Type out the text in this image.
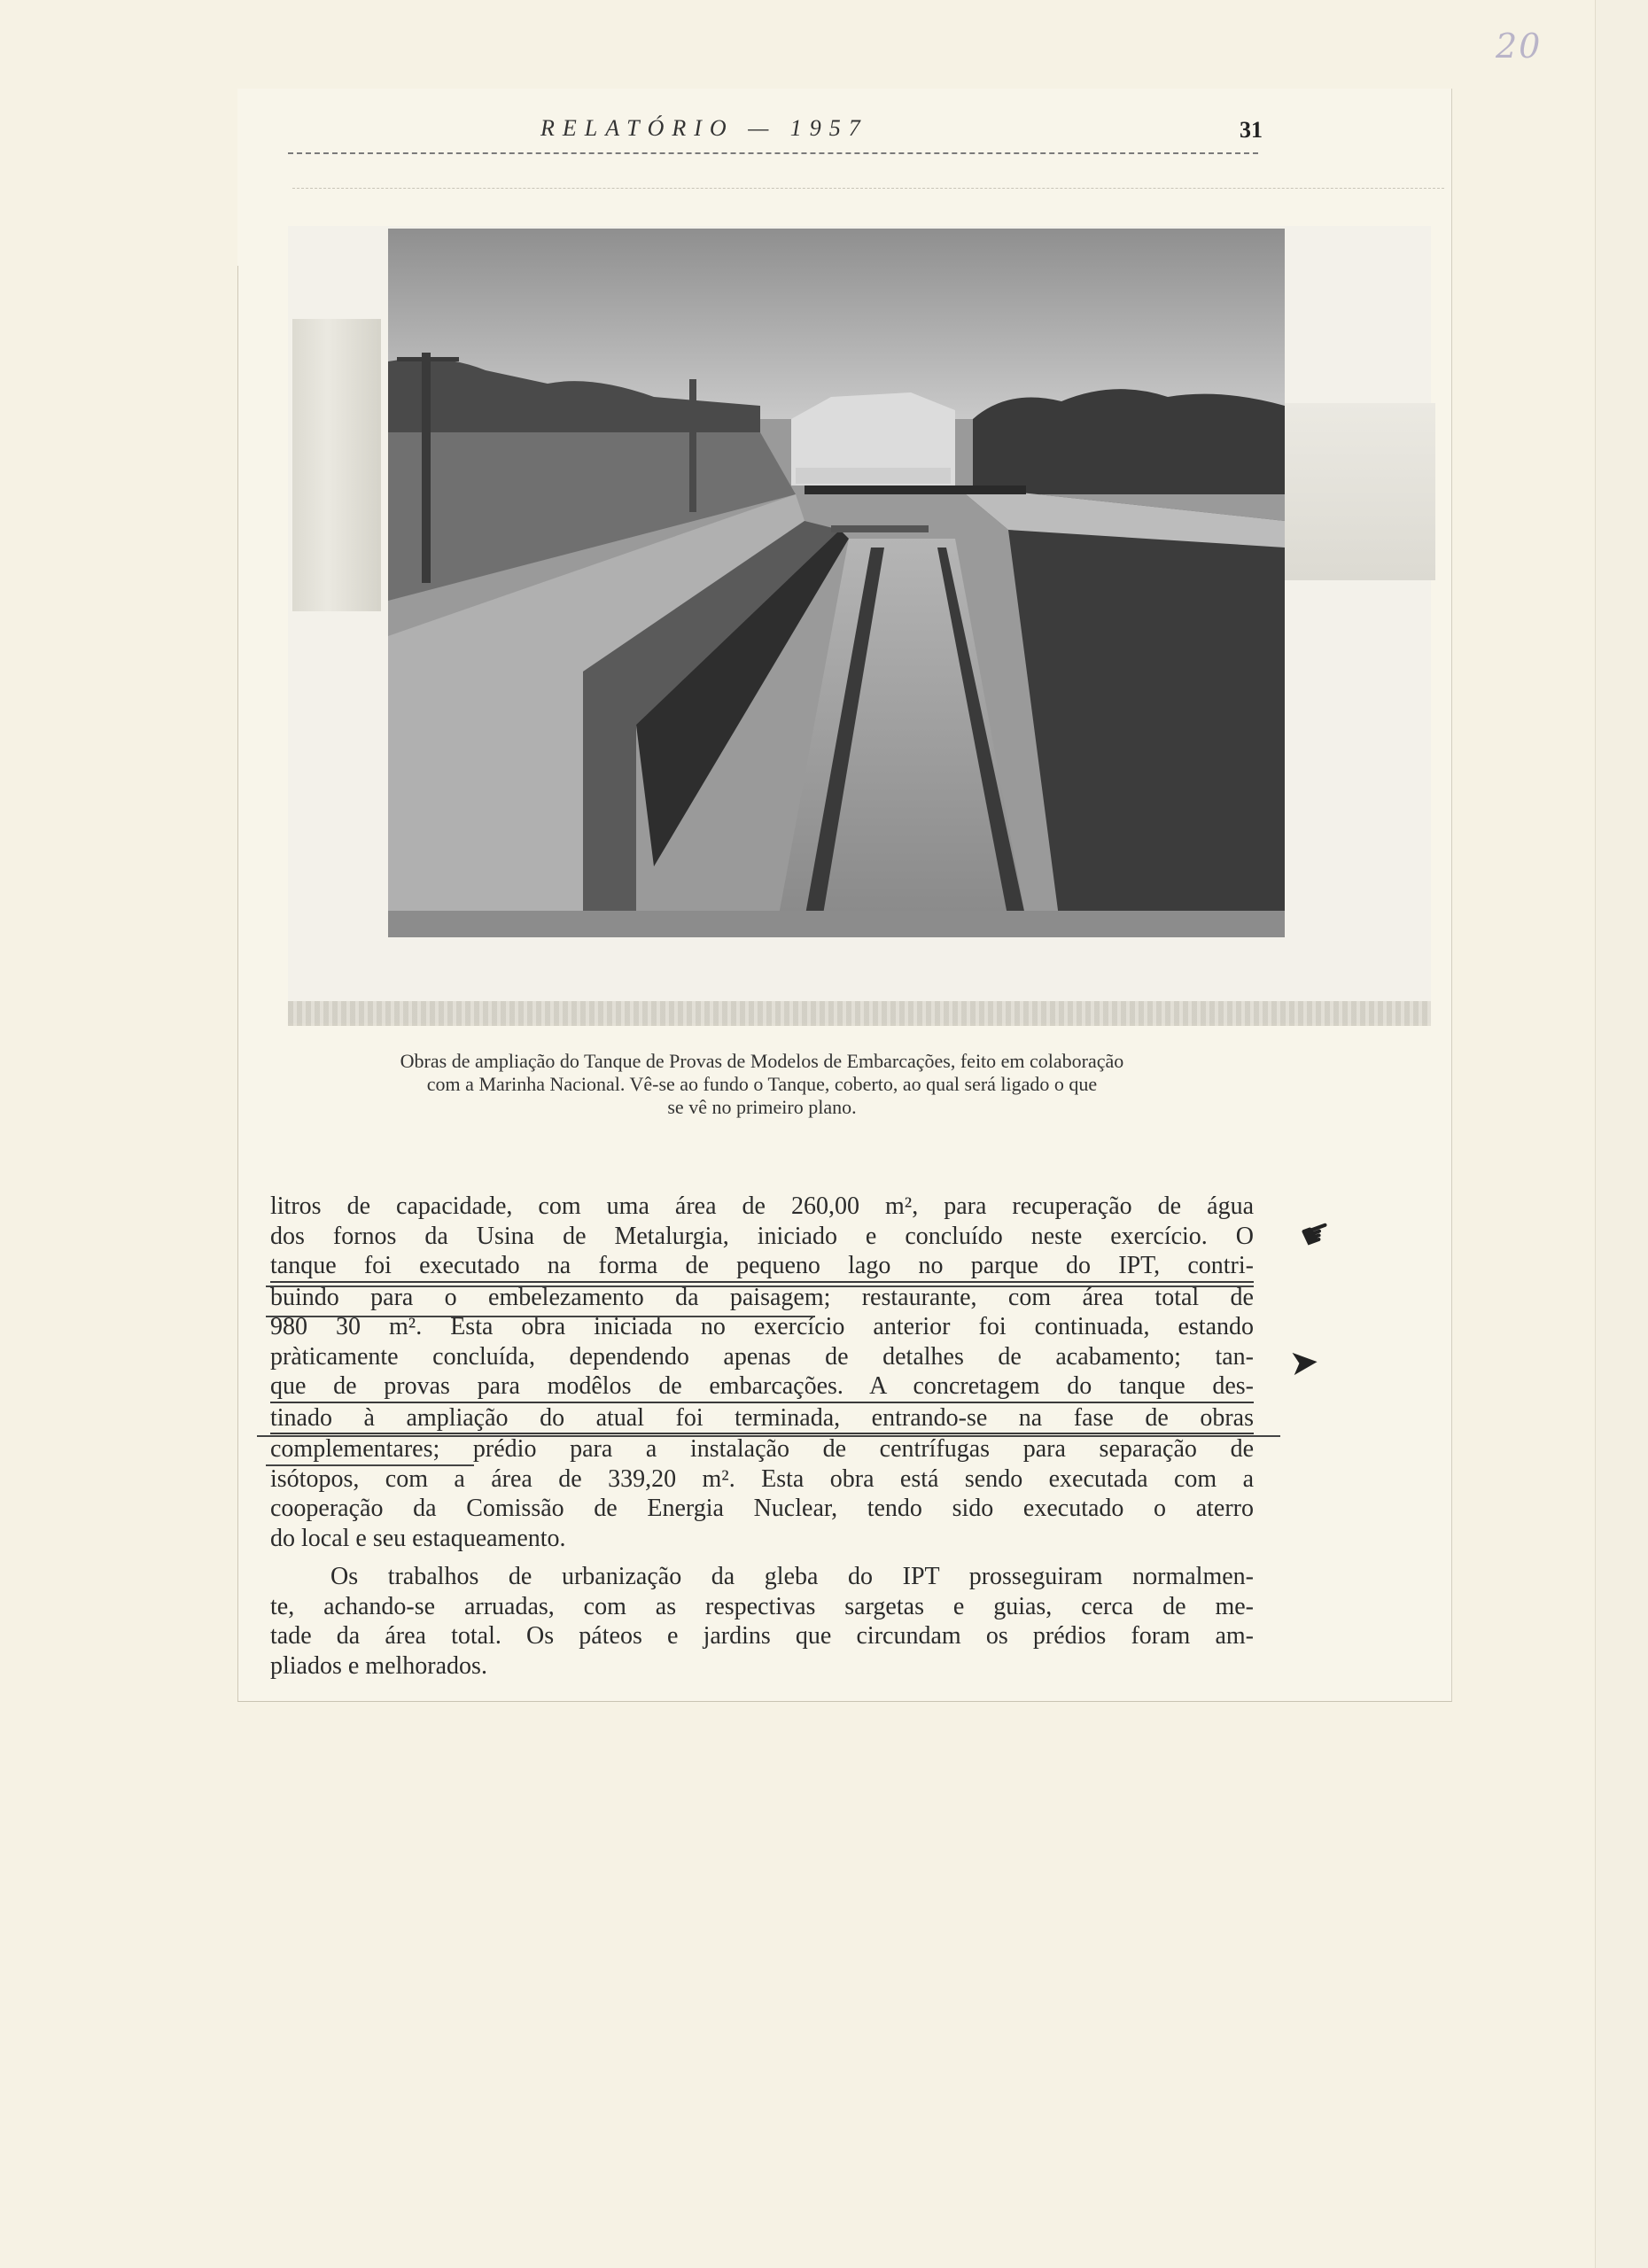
20
RELATÓRIO — 1957	31
Obras de ampliação do Tanque de Provas de Modelos de Embarcações, feito em colaboração
com a Marinha Nacional. Vê-se ao fundo o Tanque, coberto, ao qual será ligado o que
se vê no primeiro plano.
litros de capacidade, com uma área de 260,00 m², para recuperação de água
dos fornos da Usina de Metalurgia, iniciado e concluído neste exercício. O
tanque foi executado na forma de pequeno lago no parque do IPT, contri-
buindo para o embelezamento da paisagem; restaurante, com área total de
980 30 m². Esta obra iniciada no exercício anterior foi continuada, estando
pràticamente concluída, dependendo apenas de detalhes de acabamento; tan-
que de provas para modêlos de embarcações. A concretagem do tanque des-
tinado à ampliação do atual foi terminada, entrando-se na fase de obras
complementares; prédio para a instalação de centrífugas para separação de
isótopos, com a área de 339,20 m². Esta obra está sendo executada com a
cooperação da Comissão de Energia Nuclear, tendo sido executado o aterro
do local e seu estaqueamento.
Os trabalhos de urbanização da gleba do IPT prosseguiram normalmen-
te, achando-se arruadas, com as respectivas sargetas e guias, cerca de me-
tade da área total. Os páteos e jardins que circundam os prédios foram am-
pliados e melhorados.
☛
➤
